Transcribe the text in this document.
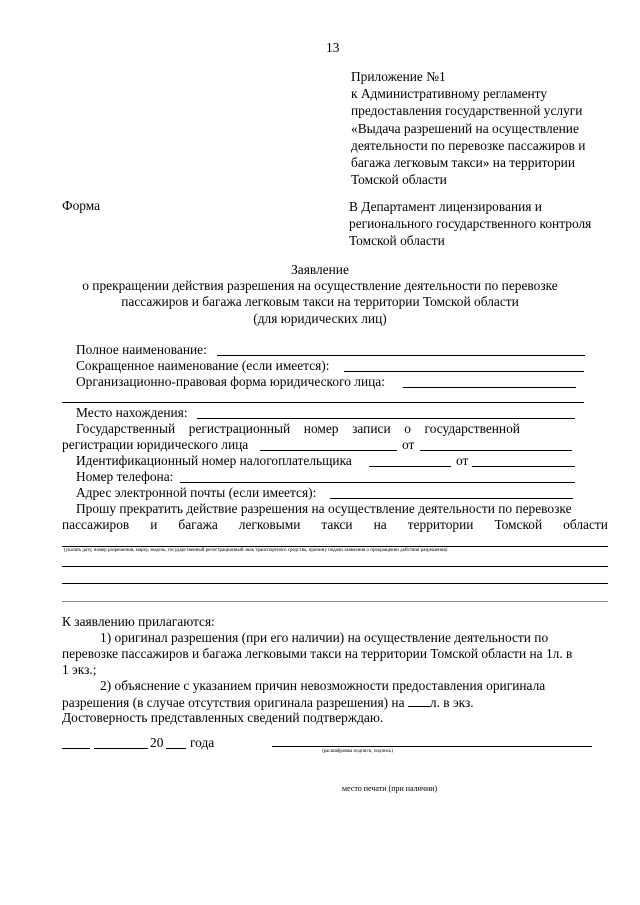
13
Приложение №1
к Административному регламенту
предоставления государственной услуги
«Выдача разрешений на осуществление
деятельности по перевозке пассажиров и
багажа легковым такси» на территории
Томской области
Форма	В Департамент лицензирования и
регионального государственного контроля
Томской области
Заявление
о прекращении действия разрешения на осуществление деятельности по перевозке
пассажиров и багажа легковым такси на территории Томской области
(для юридических лиц)
Полное наименование:
Сокращенное наименование (если имеется):
Организационно-правовая форма юридического лица:
Место нахождения:
Государственный регистрационный номер записи о государственной
регистрации юридического лица	от
Идентификационный номер налогоплательщика	от
Номер телефона:
Адрес электронной почты (если имеется):
Прошу прекратить действие разрешения на осуществление деятельности по перевозке
пассажиров и багажа легковыми такси на территории Томской области
(указать дату, номер разрешения, марку, модель, государственный регистрационный знак транспортного средства, причину подачи заявления о прекращении действия разрешения)
К заявлению прилагаются:
1) оригинал разрешения (при его наличии) на осуществление деятельности по
перевозке пассажиров и багажа легковыми такси на территории Томской области на 1л. в
1 экз.;
2) объяснение с указанием причин невозможности предоставления оригинала
разрешения (в случае отсутствия оригинала разрешения) на л. в экз.
Достоверность представленных сведений подтверждаю.
20 года
(расшифровка подписи, подпись)
место печати (при наличии)
